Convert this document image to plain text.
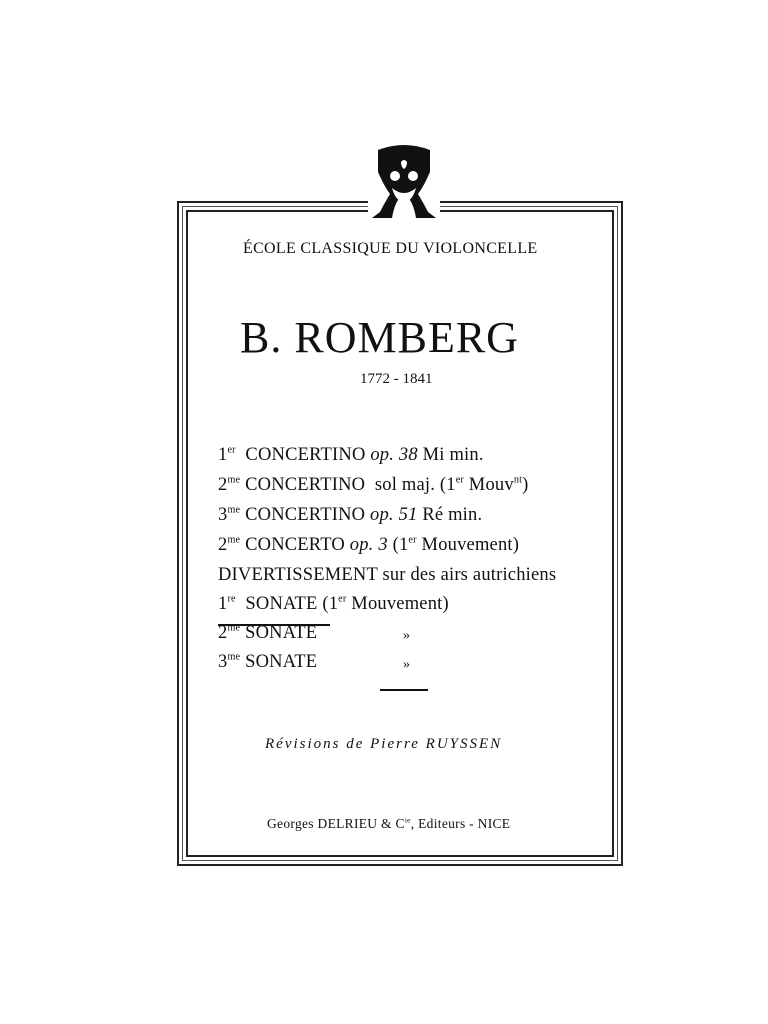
ÉCOLE CLASSIQUE DU VIOLONCELLE
B. ROMBERG
1772 - 1841
1er CONCERTINO op. 38 Mi min.
$2^{me}$ CONCERTINO sol maj. (1er Mouv$^{nt}$)
$3^{me}$ CONCERTINO op. 51 Ré min.
$2^{me}$ CONCERTO op. 3 (1er Mouvement)
DIVERTISSEMENT sur des airs autrichiens
1re SONATE (1er Mouvement)
$2^{me}$ SONATE	»
$3^{me}$ SONATE	»
Révisions de Pierre RUYSSEN
Georges DELRIEU & $C^{ie}$, Editeurs - NICE
